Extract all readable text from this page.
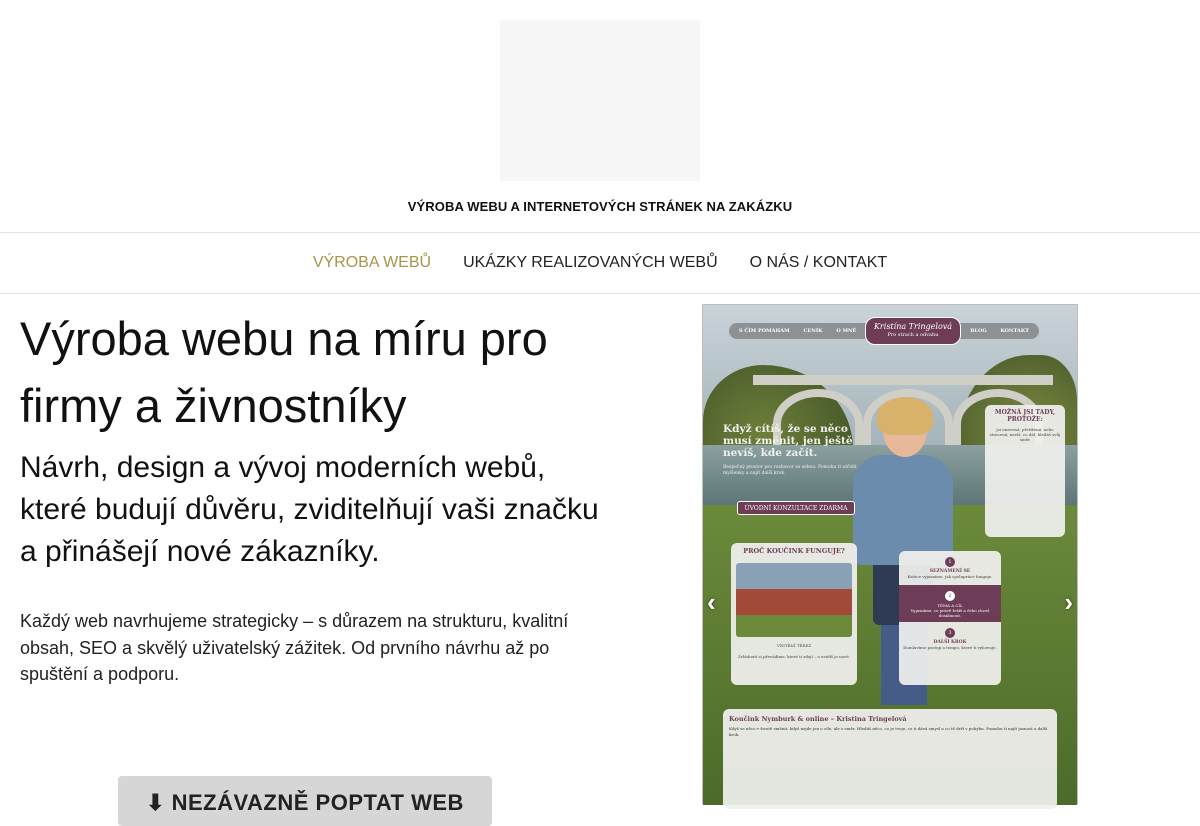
VÝROBA WEBU A INTERNETOVÝCH STRÁNEK NA ZAKÁZKU
VÝROBA WEBŮ UKÁZKY REALIZOVANÝCH WEBŮ O NÁS / KONTAKT
Výroba webu na míru pro firmy a živnostníky
Návrh, design a vývoj moderních webů, které budují důvěru, zviditelňují vaši značku a přinášejí nové zákazníky.

Každý web navrhujeme strategicky – s důrazem na strukturu, kvalitní obsah, SEO a skvělý uživatelský zážitek. Od prvního návrhu až po spuštění a podporu.

⬇ NEZÁVAZNĚ POPTAT WEB
S ČÍM POMÁHÁM	CENÍK	O MNĚ	BLOG	KONTAKT
Kristína Tringelová
Pro strach a odvahu
Když cítíš, že se něco musí změnit, jen ještě nevíš, kde začít.

Bezpečný prostor pro rozhovor se sebou. Pomohu ti utřídit myšlenky a najít další krok.

ÚVODNÍ KONZULTACE ZDARMA
MOŽNÁ JSI TADY, PROTOŽE:

jsi unavená, přetížená, nebo ztracená; nevíš, co dál; hledáš svůj směr

PROČ KOUČINK FUNGUJE?

VNITŘNÍ TĚREZ

Zvládnutí si převádíme, které ti zdají – a uvidíš je nové.

1
SEZNÁMENÍ SE

Krátce vyjasníme, jak spolupráce funguje.

2
TÉMA A CÍL
Vyjasníme, co právě řešíš a čeho chceš dosáhnout.
3
DALŠÍ KROK

Domluvíme postup a tempo, které ti vyhovuje.

Koučink Nymburk & online – Kristina Tringelová

Když se něco v životě změnit, když nejde jen o cíle, ale o směr. Hledáš něco, co je tvoje, co ti dává smysl a co tě drží v pohybu. Pomohu ti najít jasnost a další krok.

‹	›
